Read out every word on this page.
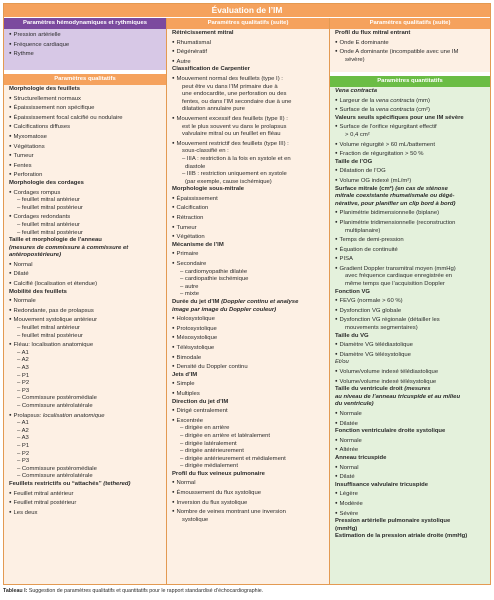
Évaluation de l’IM
Paramètres hémodynamiques et rythmiques
● Pression artérielle
● Fréquence cardiaque
● Rythme
Paramètres qualitatifs
Morphologie des feuillets
● Structurellement normaux
● Épaississement non spécifique
● Épaississement focal calcifié ou nodulaire
● Calcifications diffuses
● Myxomatose
● Végétations
● Tumeur
● Fentes
● Perforation
Morphologie des cordages
● Cordages rompus
– feuillet mitral antérieur
– feuillet mitral postérieur
● Cordages redondants
– feuillet mitral antérieur
– feuillet mitral postérieur
Taille et morphologie de l’anneau
(mesures de commissure à commissure et
antéropostérieure)
● Normal
● Dilaté
● Calcifié (localisation et étendue)
Mobilité des feuillets
● Normale
● Redondante, pas de prolapsus
● Mouvement systolique antérieur
– feuillet mitral antérieur
– feuillet mitral postérieur
● Fléau: localisation anatomique
– A1
– A2
– A3
– P1
– P2
– P3
– Commissure postéromédiale
– Commissure antérolatérale
● Prolapsus: localisation anatomique
– A1
– A2
– A3
– P1
– P2
– P3
– Commissure postéromédiale
– Commissure antérolatérale
Feuillets restrictifs ou “attachés” (tethered)
● Feuillet mitral antérieur
● Feuillet mitral postérieur
● Les deux
Paramètres qualitatifs (suite)
Rétrécissement mitral
● Rhumatismal
● Dégénératif
● Autre
Classification de Carpentier
● Mouvement normal des feuillets (type I) :
peut être vu dans l’IM primaire due à
une endocardite, une perforation ou des
fentes, ou dans l’IM secondaire due à une
dilatation annulaire pure
● Mouvement excessif des feuillets (type II) :
est le plus souvent vu dans le prolapsus
valvulaire mitral ou un feuillet en fléau
● Mouvement restrictif des feuillets (type III) :
sous-classifié en :
– IIIA : restriction à la fois en systole et en
diastole
– IIIB : restriction uniquement en systole
(par exemple, cause ischémique)
Morphologie sous-mitrale
● Épaississement
● Calcification
● Rétraction
● Tumeur
● Végétation
Mécanisme de l’IM
● Primaire
● Secondaire
– cardiomyopathie dilatée
– cardiopathie ischémique
– autre
– mixte
Durée du jet d’IM (Doppler continu et analyse
image par image du Doppler couleur)
● Holosystolique
● Protosystolique
● Mésosystolique
● Télésystolique
● Bimodale
● Densité du Doppler continu
Jets d’IM
● Simple
● Multiples
Direction du jet d’IM
● Dirigé centralement
● Excentrée
– dirigée en arrière
– dirigée en arrière et latéralement
– dirigée latéralement
– dirigée antérieurement
– dirigée antérieurement et médialement
– dirigée médialement
Profil du flux veineux pulmonaire
● Normal
● Émoussement du flux systolique
● Inversion du flux systolique
● Nombre de veines montrant une inversion
systolique
Paramètres qualitatifs (suite)
Profil du flux mitral entrant
● Onde E dominante
● Onde A dominante (incompatible avec une IM
sévère)
Paramètres quantitatifs
Vena contracta
● Largeur de la vena contracta (mm)
● Surface de la vena contracta (cm²)
Valeurs seuils spécifiques pour une IM sévère
● Surface de l’orifice régurgitant effectif
> 0,4 cm²
● Volume régurgité > 60 mL/battement
● Fraction de régurgitation > 50 %
Taille de l’OG
● Dilatation de l’OG
● Volume OG indexé (mL/m²)
Surface mitrale (cm²) (en cas de sténose
mitrale coexistante rhumatismale ou dégé-
nérative, pour planifier un clip bord à bord)
● Planimétrie bidimensionnelle (biplane)
● Planimétrie tridimensionnelle (reconstruction
multiplanaire)
● Temps de demi-pression
● Équation de continuité
● PISA
● Gradient Doppler transmitral moyen (mmHg)
avec fréquence cardiaque enregistrée en
même temps que l’acquisition Doppler
Fonction VG
● FEVG (normale > 60 %)
● Dysfonction VG globale
● Dysfonction VG régionale (détailler les
mouvements segmentaires)
Taille du VG
● Diamètre VG télédiastolique
● Diamètre VG télésystolique
Et/ou
● Volume/volume indexé télédiastolique
● Volume/volume indexé télésystolique
Taille du ventricule droit (mesures
au niveau de l’anneau tricuspide et au milieu
du ventricule)
● Normale
● Dilatée
Fonction ventriculaire droite systolique
● Normale
● Altérée
Anneau tricuspide
● Normal
● Dilaté
Insuffisance valvulaire tricuspide
● Légère
● Modérée
● Sévère
Pression artérielle pulmonaire systolique
(mmHg)
Estimation de la pression atriale droite (mmHg)
Tableau I: Suggestion de paramètres qualitatifs et quantitatifs pour le rapport standardisé d’échocardiographie.
